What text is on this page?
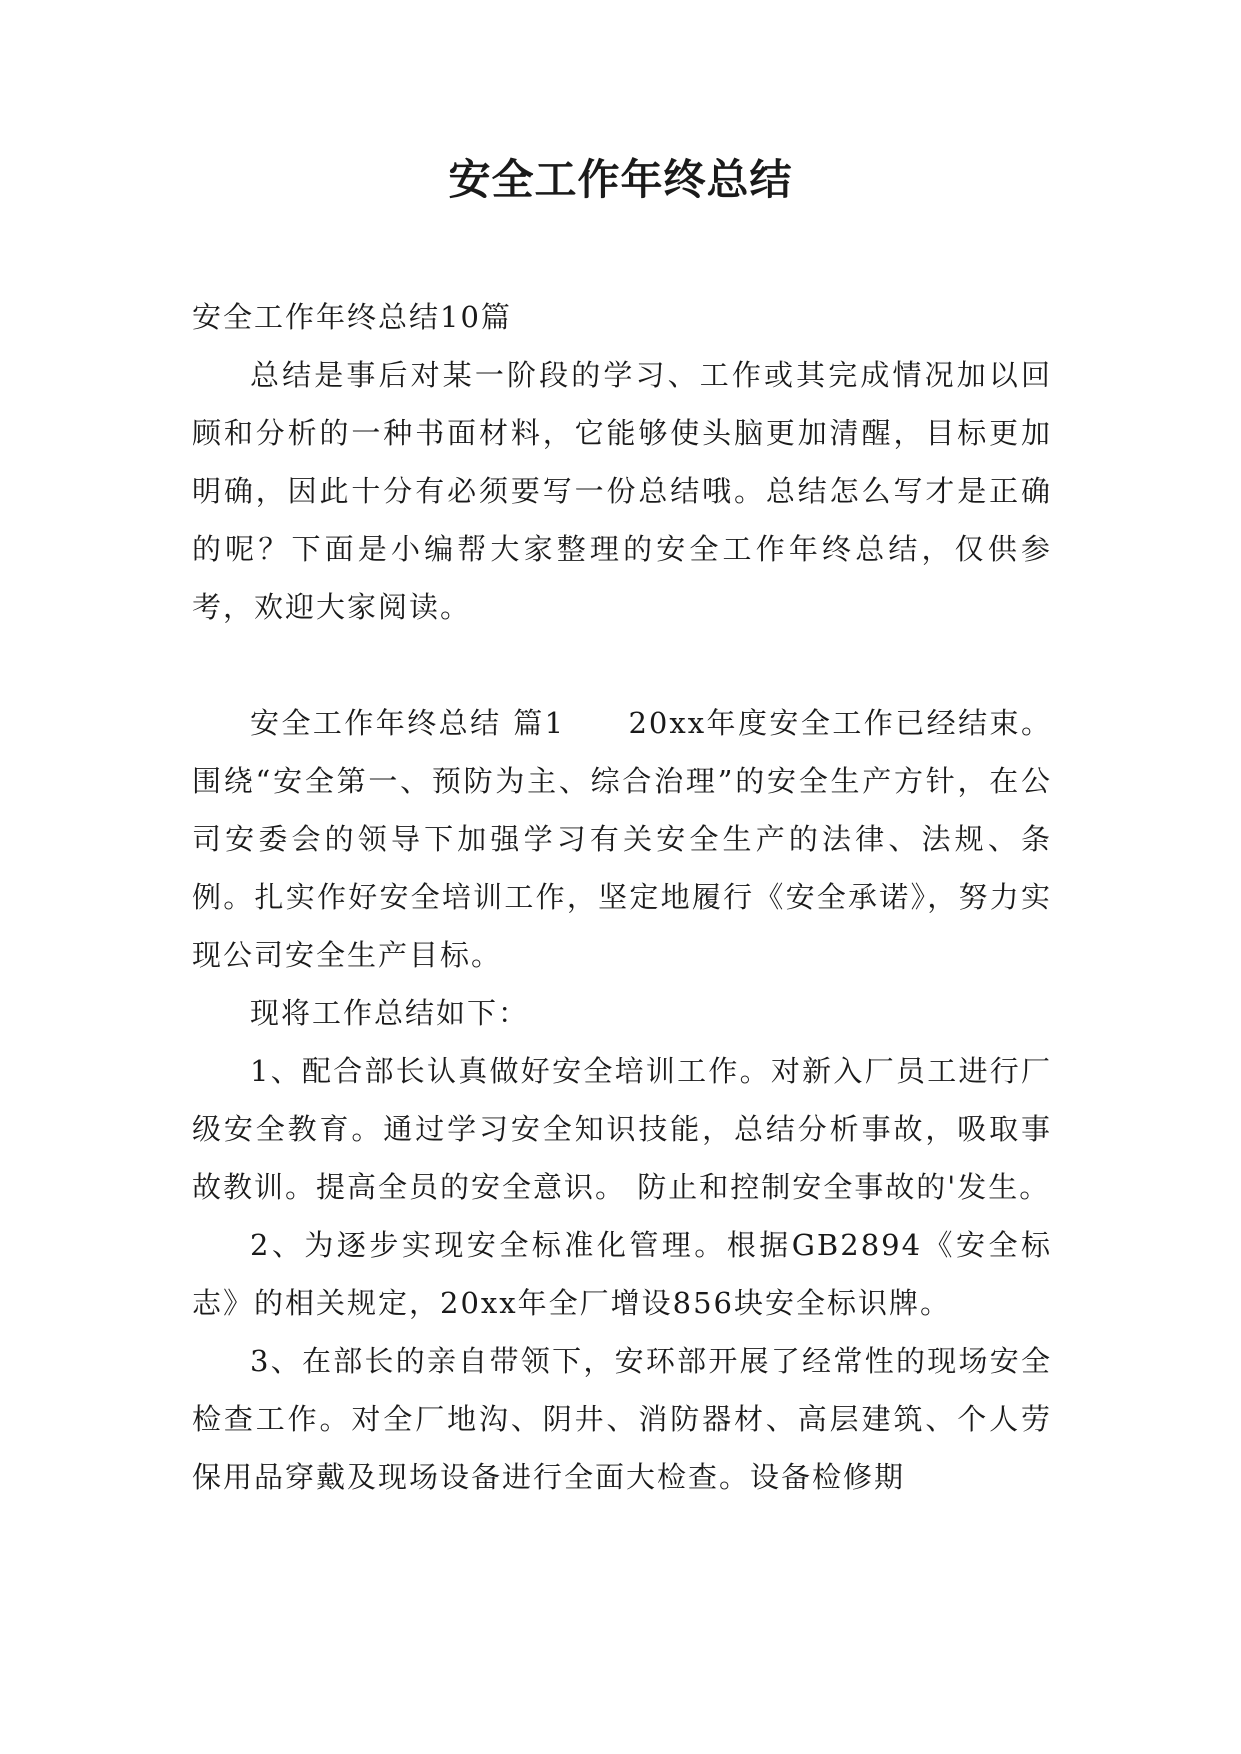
安全工作年终总结

安全工作年终总结10篇

总结是事后对某一阶段的学习、工作或其完成情况加以回顾和分析的一种书面材料，它能够使头脑更加清醒，目标更加明确，因此十分有必须要写一份总结哦。总结怎么写才是正确的呢？下面是小编帮大家整理的安全工作年终总结，仅供参考，欢迎大家阅读。

安全工作年终总结 篇1　　20xx年度安全工作已经结束。围绕“安全第一、预防为主、综合治理”的安全生产方针，在公司安委会的领导下加强学习有关安全生产的法律、法规、条例。扎实作好安全培训工作，坚定地履行《安全承诺》，努力实现公司安全生产目标。

现将工作总结如下：

1、配合部长认真做好安全培训工作。对新入厂员工进行厂级安全教育。通过学习安全知识技能，总结分析事故，吸取事故教训。提高全员的安全意识。 防止和控制安全事故的'发生。

2、为逐步实现安全标准化管理。根据GB2894《安全标志》的相关规定，20xx年全厂增设856块安全标识牌。

3、在部长的亲自带领下，安环部开展了经常性的现场安全检查工作。对全厂地沟、阴井、消防器材、高层建筑、个人劳保用品穿戴及现场设备进行全面大检查。设备检修期
